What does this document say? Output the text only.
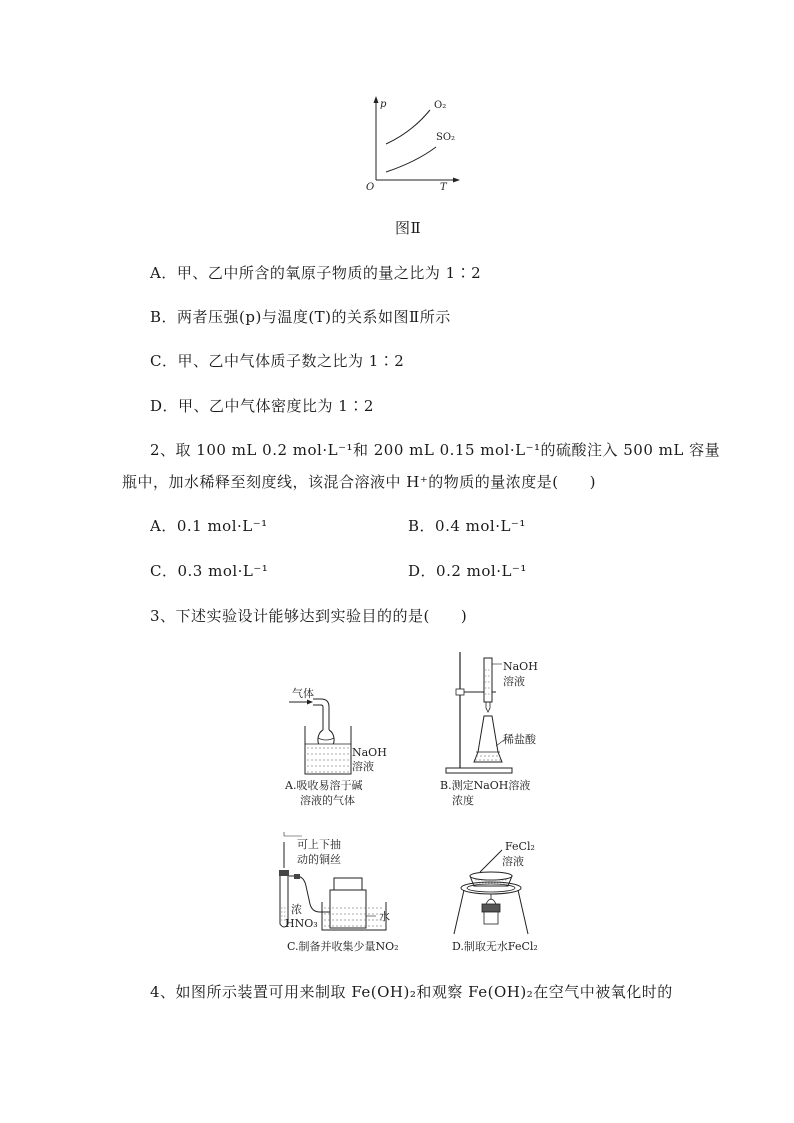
p
T
O
O₂
SO₂
图Ⅱ
A．甲、乙中所含的氧原子物质的量之比为 1∶2
B．两者压强(p)与温度(T)的关系如图Ⅱ所示
C．甲、乙中气体质子数之比为 1∶2
D．甲、乙中气体密度比为 1∶2
2、取 100 mL 0.2 mol·L⁻¹和 200 mL 0.15 mol·L⁻¹的硫酸注入 500 mL 容量
瓶中，加水稀释至刻度线，该混合溶液中 H⁺的物质的量浓度是(　　)
A．0.1 mol·L⁻¹	B．0.4 mol·L⁻¹
C．0.3 mol·L⁻¹	D．0.2 mol·L⁻¹
3、下述实验设计能够达到实验目的的是(　　)
气体
NaOH
溶液
A.吸收易溶于碱
溶液的气体
NaOH
溶液
稀盐酸
B.测定NaOH溶液
浓度
可上下抽
动的铜丝
浓
HNO₃
水
C.制备并收集少量NO₂
FeCl₂
溶液
D.制取无水FeCl₂
4、如图所示装置可用来制取 Fe(OH)₂和观察 Fe(OH)₂在空气中被氧化时的
